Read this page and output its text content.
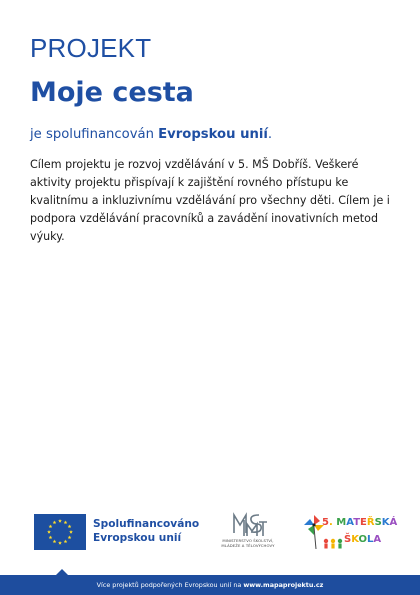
PROJEKT
Moje cesta
je spolufinancován Evropskou unií.

Cílem projektu je rozvoj vzdělávání v 5. MŠ Dobříš. Veškeré aktivity projektu přispívají k zajištění rovného přístupu ke kvalitnímu a inkluzivnímu vzdělávání pro všechny děti. Cílem je i podpora vzdělávání pracovníků a zavádění inovativních metod výuky.

Spolufinancováno
Evropskou unií	MINISTERSTVO ŠKOLSTVÍ,
MLÁDEŽE A TĚLOVÝCHOVY
5. MATEŘSKÁ
ŠKOLA
Více projektů podpořených Evropskou unií na www.mapaprojektu.cz
